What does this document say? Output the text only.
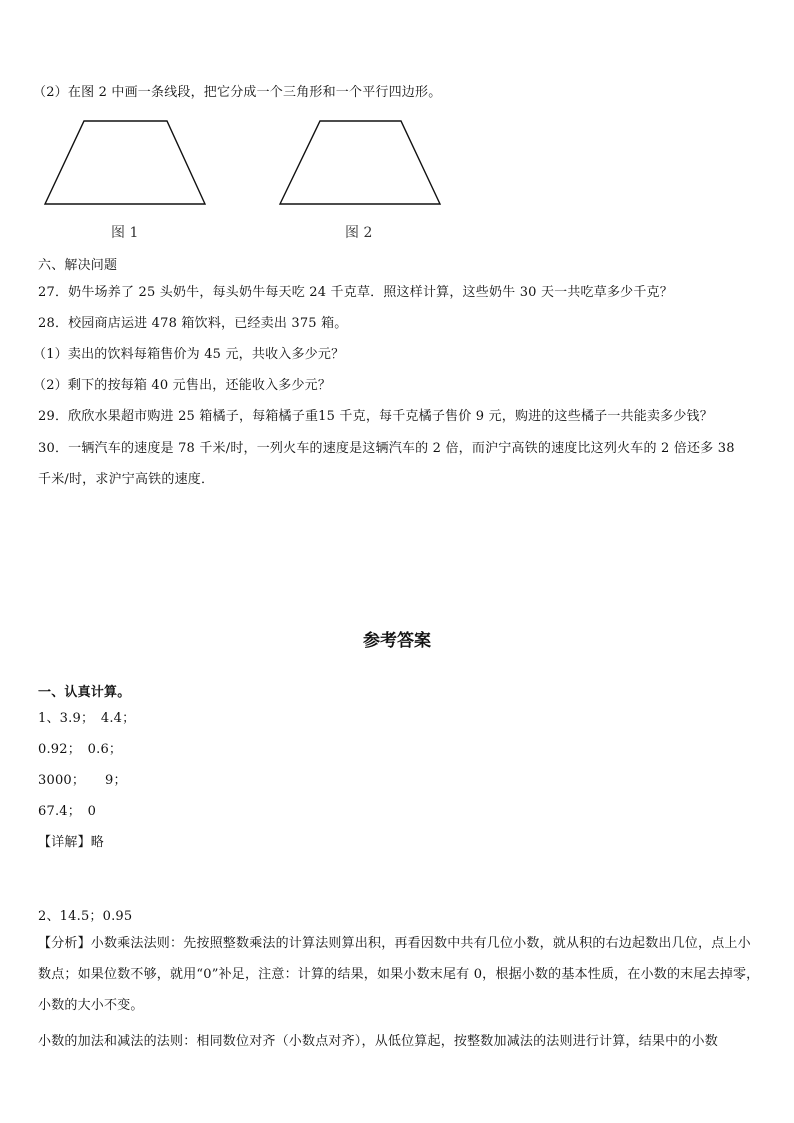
（2）在图 2 中画一条线段，把它分成一个三角形和一个平行四边形。
图 1	图 2
六、解决问题
27．奶牛场养了 25 头奶牛，每头奶牛每天吃 24 千克草．照这样计算，这些奶牛 30 天一共吃草多少千克？
28．校园商店运进 478 箱饮料，已经卖出 375 箱。
（1）卖出的饮料每箱售价为 45 元，共收入多少元？
（2）剩下的按每箱 40 元售出，还能收入多少元？
29．欣欣水果超市购进 25 箱橘子，每箱橘子重15 千克，每千克橘子售价 9 元，购进的这些橘子一共能卖多少钱？
30．一辆汽车的速度是 78 千米/时，一列火车的速度是这辆汽车的 2 倍，而沪宁高铁的速度比这列火车的 2 倍还多 38
千米/时，求沪宁高铁的速度．
参考答案
一、认真计算。
1、3.9；　4.4；
0.92；　0.6；
3000；　　9；
67.4；　0
【详解】略
2、14.5；0.95
【分析】小数乘法法则：先按照整数乘法的计算法则算出积，再看因数中共有几位小数，就从积的右边起数出几位，点上小数点；如果位数不够，就用“0”补足，注意：计算的结果，如果小数末尾有 0，根据小数的基本性质，在小数的末尾去掉零，小数的大小不变。
小数的加法和减法的法则：相同数位对齐（小数点对齐），从低位算起，按整数加减法的法则进行计算，结果中的小数
